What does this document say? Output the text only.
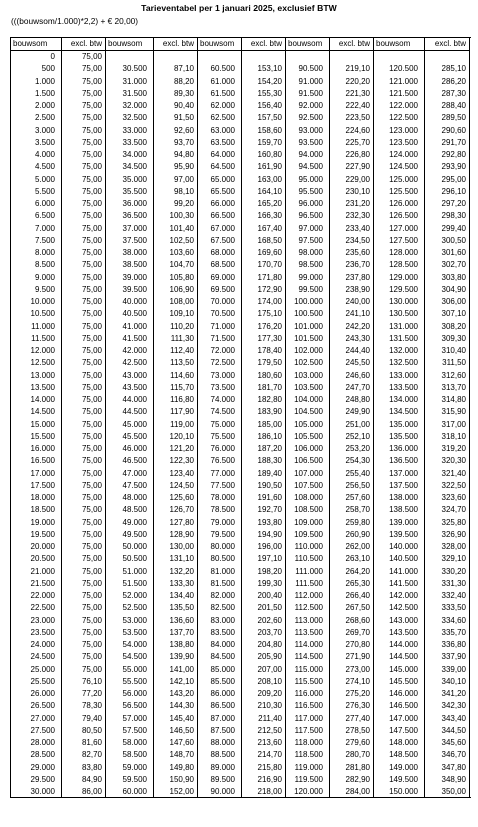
Tarieventabel per 1 januari 2025, exclusief BTW
(((bouwsom/1.000)*2,2) + € 20,00)
bouwsom	excl. btw
0	75,00
500	75,00
1.000	75,00
1.500	75,00
2.000	75,00
2.500	75,00
3.000	75,00
3.500	75,00
4.000	75,00
4.500	75,00
5.000	75,00
5.500	75,00
6.000	75,00
6.500	75,00
7.000	75,00
7.500	75,00
8.000	75,00
8.500	75,00
9.000	75,00
9.500	75,00
10.000	75,00
10.500	75,00
11.000	75,00
11.500	75,00
12.000	75,00
12.500	75,00
13.000	75,00
13.500	75,00
14.000	75,00
14.500	75,00
15.000	75,00
15.500	75,00
16.000	75,00
16.500	75,00
17.000	75,00
17.500	75,00
18.000	75,00
18.500	75,00
19.000	75,00
19.500	75,00
20.000	75,00
20.500	75,00
21.000	75,00
21.500	75,00
22.000	75,00
22.500	75,00
23.000	75,00
23.500	75,00
24.000	75,00
24.500	75,00
25.000	75,00
25.500	76,10
26.000	77,20
26.500	78,30
27.000	79,40
27.500	80,50
28.000	81,60
28.500	82,70
29.000	83,80
29.500	84,90
30.000	86,00
bouwsom	excl. btw
30.500	87,10
31.000	88,20
31.500	89,30
32.000	90,40
32.500	91,50
33.000	92,60
33.500	93,70
34.000	94,80
34.500	95,90
35.000	97,00
35.500	98,10
36.000	99,20
36.500	100,30
37.000	101,40
37.500	102,50
38.000	103,60
38.500	104,70
39.000	105,80
39.500	106,90
40.000	108,00
40.500	109,10
41.000	110,20
41.500	111,30
42.000	112,40
42.500	113,50
43.000	114,60
43.500	115,70
44.000	116,80
44.500	117,90
45.000	119,00
45.500	120,10
46.000	121,20
46.500	122,30
47.000	123,40
47.500	124,50
48.000	125,60
48.500	126,70
49.000	127,80
49.500	128,90
50.000	130,00
50.500	131,10
51.000	132,20
51.500	133,30
52.000	134,40
52.500	135,50
53.000	136,60
53.500	137,70
54.000	138,80
54.500	139,90
55.000	141,00
55.500	142,10
56.000	143,20
56.500	144,30
57.000	145,40
57.500	146,50
58.000	147,60
58.500	148,70
59.000	149,80
59.500	150,90
60.000	152,00
bouwsom excl. btw
60.500	153,10
61.000	154,20
61.500	155,30
62.000	156,40
62.500	157,50
63.000	158,60
63.500	159,70
64.000	160,80
64.500	161,90
65.000	163,00
65.500	164,10
66.000	165,20
66.500	166,30
67.000	167,40
67.500	168,50
68.000	169,60
68.500	170,70
69.000	171,80
69.500	172,90
70.000	174,00
70.500	175,10
71.000	176,20
71.500	177,30
72.000	178,40
72.500	179,50
73.000	180,60
73.500	181,70
74.000	182,80
74.500	183,90
75.000	185,00
75.500	186,10
76.000	187,20
76.500	188,30
77.000	189,40
77.500	190,50
78.000	191,60
78.500	192,70
79.000	193,80
79.500	194,90
80.000	196,00
80.500	197,10
81.000	198,20
81.500	199,30
82.000	200,40
82.500	201,50
83.000	202,60
83.500	203,70
84.000	204,80
84.500	205,90
85.000	207,00
85.500	208,10
86.000	209,20
86.500	210,30
87.000	211,40
87.500	212,50
88.000	213,60
88.500	214,70
89.000	215,80
89.500	216,90
90.000	218,00
bouwsom excl. btw
90.500	219,10
91.000	220,20
91.500	221,30
92.000	222,40
92.500	223,50
93.000	224,60
93.500	225,70
94.000	226,80
94.500	227,90
95.000	229,00
95.500	230,10
96.000	231,20
96.500	232,30
97.000	233,40
97.500	234,50
98.000	235,60
98.500	236,70
99.000	237,80
99.500	238,90
100.000	240,00
100.500	241,10
101.000	242,20
101.500	243,30
102.000	244,40
102.500	245,50
103.000	246,60
103.500	247,70
104.000	248,80
104.500	249,90
105.000	251,00
105.500	252,10
106.000	253,20
106.500	254,30
107.000	255,40
107.500	256,50
108.000	257,60
108.500	258,70
109.000	259,80
109.500	260,90
110.000	262,00
110.500	263,10
111.000	264,20
111.500	265,30
112.000	266,40
112.500	267,50
113.000	268,60
113.500	269,70
114.000	270,80
114.500	271,90
115.000	273,00
115.500	274,10
116.000	275,20
116.500	276,30
117.000	277,40
117.500	278,50
118.000	279,60
118.500	280,70
119.000	281,80
119.500	282,90
120.000	284,00
bouwsom	excl. btw
120.500	285,10
121.000	286,20
121.500	287,30
122.000	288,40
122.500	289,50
123.000	290,60
123.500	291,70
124.000	292,80
124.500	293,90
125.000	295,00
125.500	296,10
126.000	297,20
126.500	298,30
127.000	299,40
127.500	300,50
128.000	301,60
128.500	302,70
129.000	303,80
129.500	304,90
130.000	306,00
130.500	307,10
131.000	308,20
131.500	309,30
132.000	310,40
132.500	311,50
133.000	312,60
133.500	313,70
134.000	314,80
134.500	315,90
135.000	317,00
135.500	318,10
136.000	319,20
136.500	320,30
137.000	321,40
137.500	322,50
138.000	323,60
138.500	324,70
139.000	325,80
139.500	326,90
140.000	328,00
140.500	329,10
141.000	330,20
141.500	331,30
142.000	332,40
142.500	333,50
143.000	334,60
143.500	335,70
144.000	336,80
144.500	337,90
145.000	339,00
145.500	340,10
146.000	341,20
146.500	342,30
147.000	343,40
147.500	344,50
148.000	345,60
148.500	346,70
149.000	347,80
149.500	348,90
150.000	350,00
